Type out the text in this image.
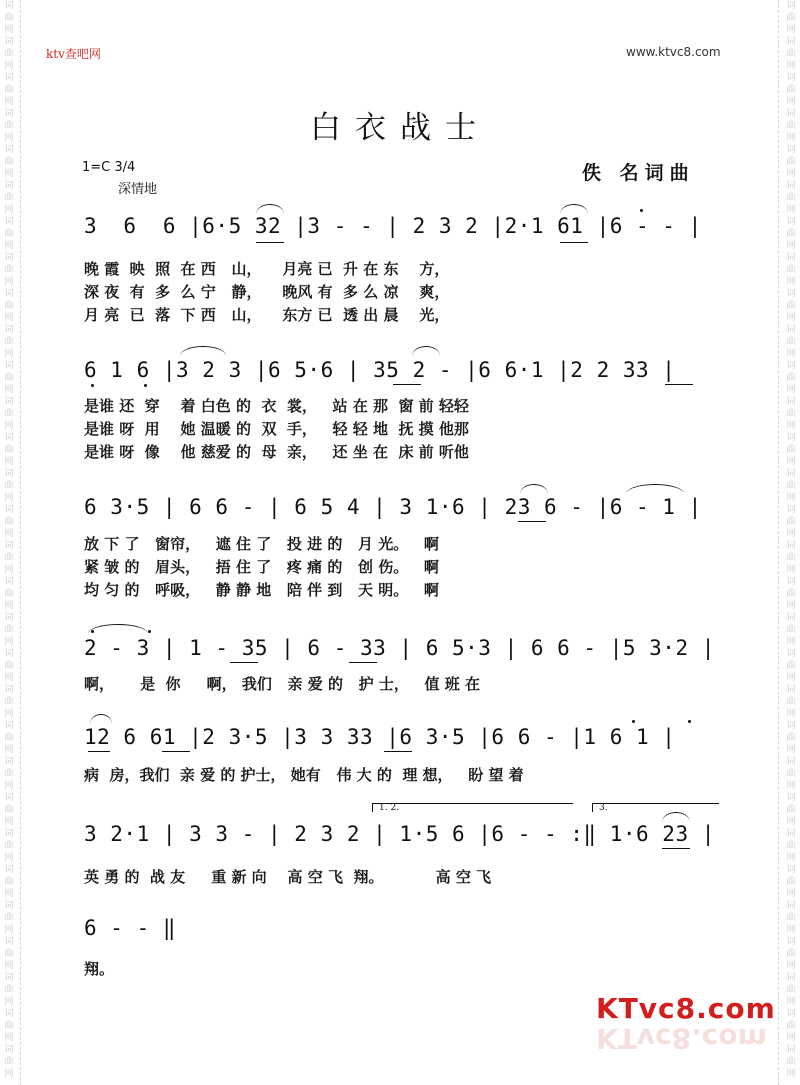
词曲网词曲网词曲网词曲网词曲网词曲网词曲网词曲网词曲网词曲网词曲网词曲网词曲网词曲网词曲网词曲网词曲网词曲网词曲网词曲网词曲网词曲网词曲网词曲网词曲网词曲网词曲网词曲网词曲网词曲网
词曲网词曲网词曲网词曲网词曲网词曲网词曲网词曲网词曲网词曲网词曲网词曲网词曲网词曲网词曲网词曲网词曲网词曲网词曲网词曲网词曲网词曲网词曲网词曲网词曲网词曲网词曲网词曲网词曲网词曲网
ktv查吧网	www.ktvc8.com
白衣战士
1=C 3/4
深情地
佚 名词曲
3  6  6 |6·5 32 |3 - - | 2 3 2 |2·1 61 |6 - - |
晚 霞  映  照  在 西   山，    月亮 已  升 在 东    方，
深 夜  有  多  么 宁   静，    晚风 有  多 么 凉    爽，
月 亮  已  落  下 西   山，    东方 已  透 出 晨    光，
6 1 6 |3 2 3 |6 5·6 | 35 2 - |6 6·1 |2 2 33 |
是谁 还  穿    着 白色 的  衣  裳，   站 在 那  窗 前 轻轻
是谁 呀  用    她 温暖 的  双  手，   轻 轻 地  抚 摸 他那
是谁 呀  像    他 慈爱 的  母  亲，   还 坐 在  床 前 听他
6 3·5 | 6 6 - | 6 5 4 | 3 1·6 | 23 6 - |6 - 1 |
放 下 了   窗帘，   遮 住 了   投 进 的   月 光。   啊
紧 皱 的   眉头，   捂 住 了   疼 痛 的   创 伤。   啊
均 匀 的   呼吸，   静 静 地   陪 伴 到   天 明。   啊
2 - 3 | 1 - 35 | 6 - 33 | 6 5·3 | 6 6 - |5 3·2 |
啊，     是  你     啊， 我们   亲 爱 的   护 士，   值 班 在
12 6 61 |2 3·5 |3 3 33 |6 3·5 |6 6 - |1 6 1 |
病  房，我们  亲 爱 的 护士， 她有   伟 大 的  理 想，   盼 望 着
1. 2.	3.
3 2·1 | 3 3 - | 2 3 2 | 1·5 6 |6 - - :‖ 1·6 23 |
英 勇 的  战 友     重 新 向    高 空 飞  翔。          高 空 飞
6 - - ‖
翔。
KTvc8.com
KTvc8.com
